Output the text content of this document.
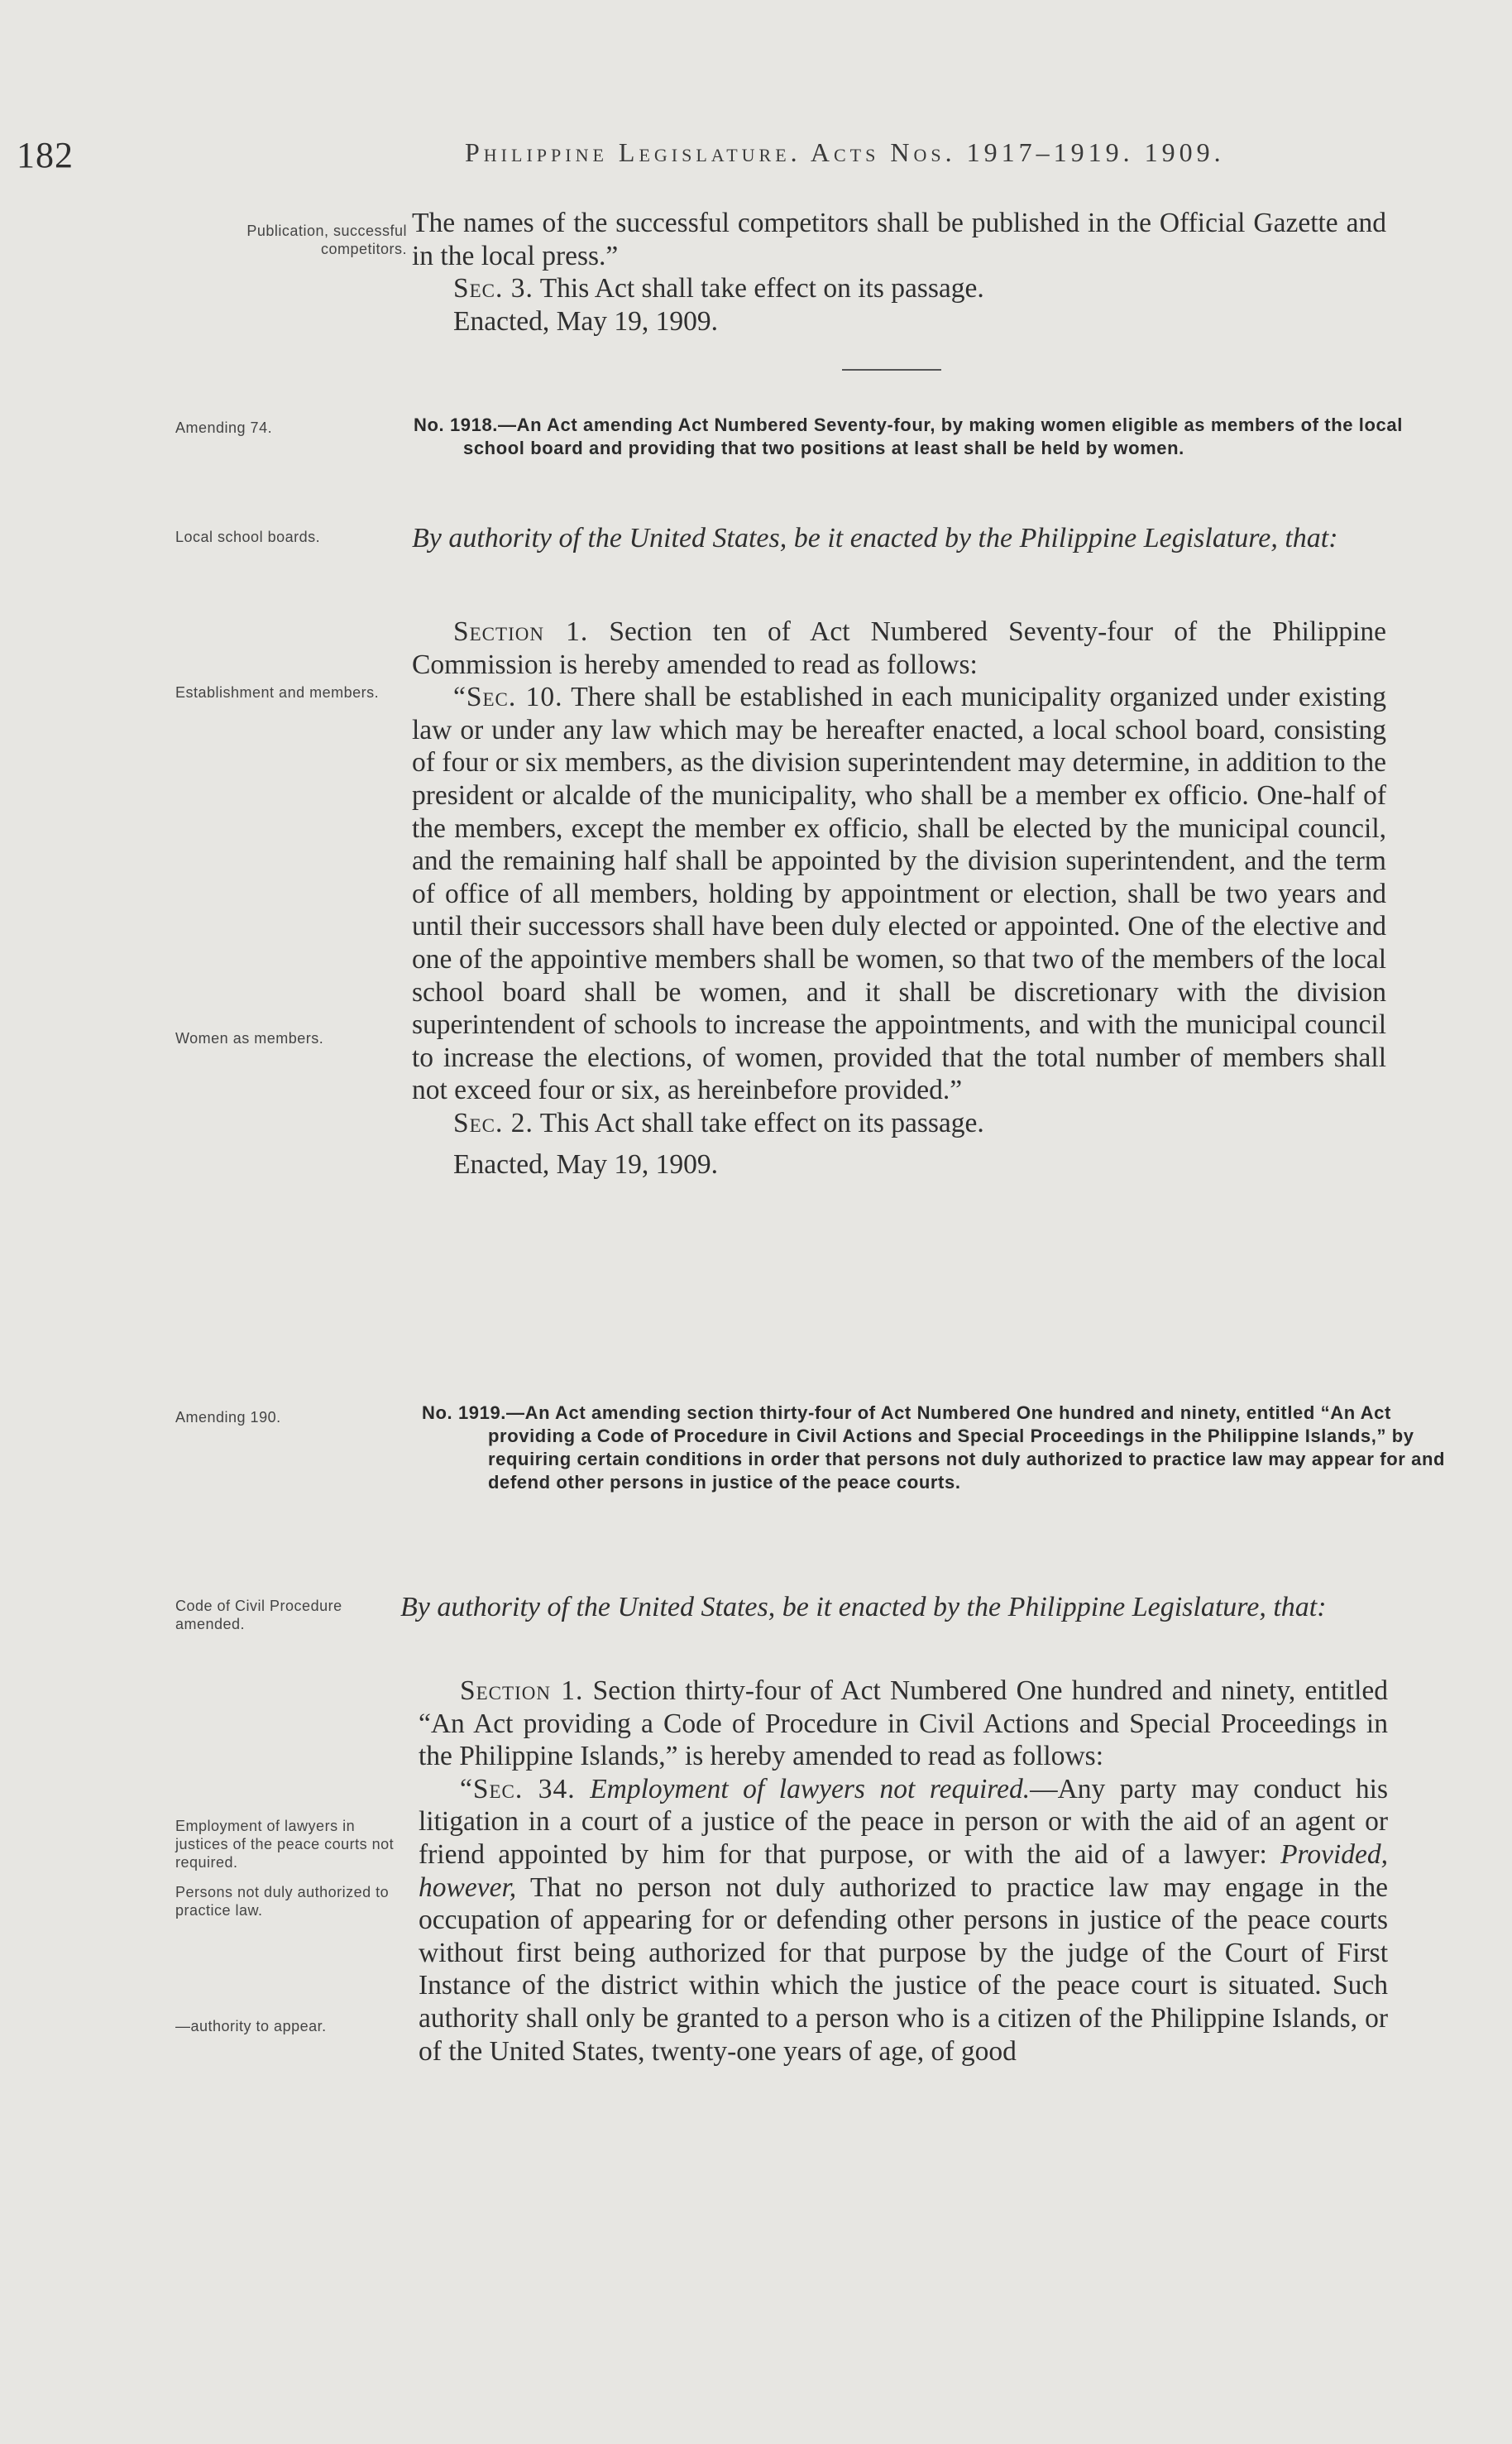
182	Philippine Legislature. Acts Nos. 1917–1919. 1909.
Publication, successful competitors.
Amending 74.
Local school boards.
Establishment and members.
Women as members.
Amending 190.
Code of Civil Procedure amended.
Employment of lawyers in justices of the peace courts not required.
Persons not duly authorized to practice law.
—authority to appear.

The names of the successful competitors shall be published in the Official Gazette and in the local press.”

Sec. 3. This Act shall take effect on its passage.

Enacted, May 19, 1909.

No. 1918.—An Act amending Act Numbered Seventy-four, by making women eligible as members of the local school board and providing that two positions at least shall be held by women.
By authority of the United States, be it enacted by the Philippine Legislature, that:

Section 1. Section ten of Act Numbered Seventy-four of the Philippine Commission is hereby amended to read as follows:

“Sec. 10. There shall be established in each municipality organized under existing law or under any law which may be hereafter enacted, a local school board, consisting of four or six members, as the division superintendent may determine, in addition to the president or alcalde of the municipality, who shall be a member ex officio. One-half of the members, except the member ex officio, shall be elected by the municipal council, and the remaining half shall be appointed by the division superintendent, and the term of office of all members, holding by appointment or election, shall be two years and until their successors shall have been duly elected or appointed. One of the elective and one of the appointive members shall be women, so that two of the members of the local school board shall be women, and it shall be discretionary with the division superintendent of schools to increase the appointments, and with the municipal council to increase the elections, of women, provided that the total number of members shall not exceed four or six, as hereinbefore provided.”

Sec. 2. This Act shall take effect on its passage.

Enacted, May 19, 1909.

No. 1919.—An Act amending section thirty-four of Act Numbered One hundred and ninety, entitled “An Act providing a Code of Procedure in Civil Actions and Special Proceedings in the Philippine Islands,” by requiring certain conditions in order that persons not duly authorized to practice law may appear for and defend other persons in justice of the peace courts.
By authority of the United States, be it enacted by the Philippine Legislature, that:

Section 1. Section thirty-four of Act Numbered One hundred and ninety, entitled “An Act providing a Code of Procedure in Civil Actions and Special Proceedings in the Philippine Islands,” is hereby amended to read as follows:

“Sec. 34. Employment of lawyers not required.—Any party may conduct his litigation in a court of a justice of the peace in person or with the aid of an agent or friend appointed by him for that purpose, or with the aid of a lawyer: Provided, however, That no person not duly authorized to practice law may engage in the occupation of appearing for or defending other persons in justice of the peace courts without first being authorized for that purpose by the judge of the Court of First Instance of the district within which the justice of the peace court is situated. Such authority shall only be granted to a person who is a citizen of the Philippine Islands, or of the United States, twenty-one years of age, of good
